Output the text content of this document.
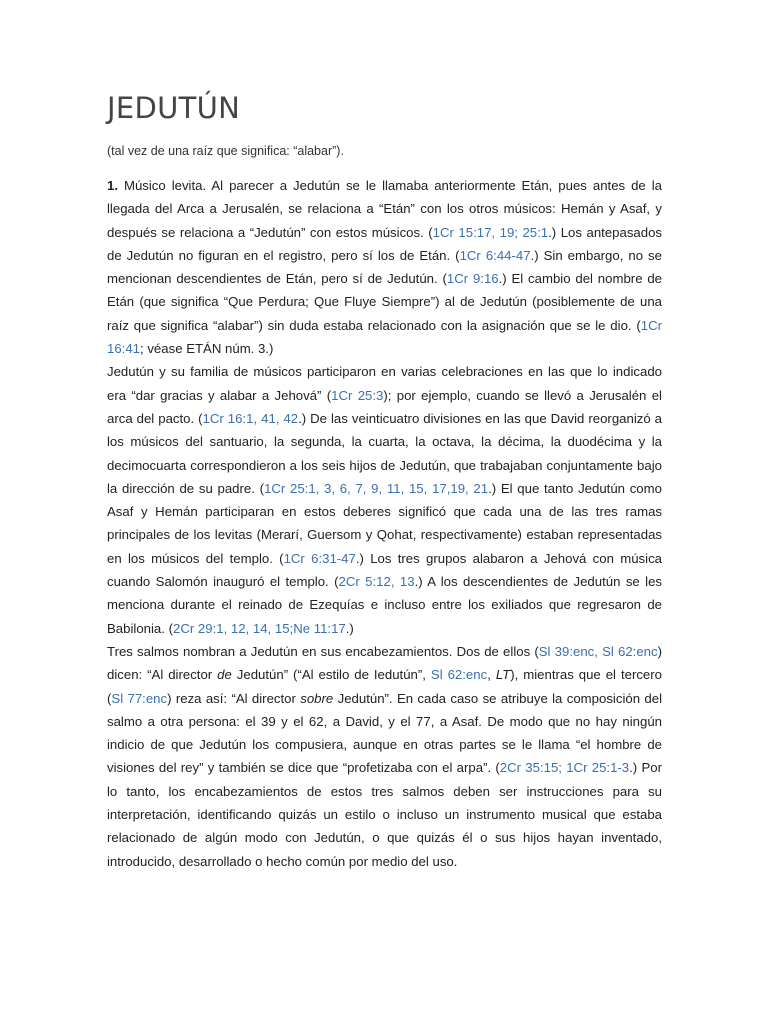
JEDUTÚN

(tal vez de una raíz que significa: “alabar”).

1. Músico levita. Al parecer a Jedutún se le llamaba anteriormente Etán, pues antes de la llegada del Arca a Jerusalén, se relaciona a “Etán” con los otros músicos: Hemán y Asaf, y después se relaciona a “Jedutún” con estos músicos. (1Cr 15:17, 19; 25:1.) Los antepasados de Jedutún no figuran en el registro, pero sí los de Etán. (1Cr 6:44-47.) Sin embargo, no se mencionan descendientes de Etán, pero sí de Jedutún. (1Cr 9:16.) El cambio del nombre de Etán (que significa “Que Perdura; Que Fluye Siempre”) al de Jedutún (posiblemente de una raíz que significa “alabar”) sin duda estaba relacionado con la asignación que se le dio. (1Cr 16:41; véase ETÁN núm. 3.)

Jedutún y su familia de músicos participaron en varias celebraciones en las que lo indicado era “dar gracias y alabar a Jehová” (1Cr 25:3); por ejemplo, cuando se llevó a Jerusalén el arca del pacto. (1Cr 16:1, 41, 42.) De las veinticuatro divisiones en las que David reorganizó a los músicos del santuario, la segunda, la cuarta, la octava, la décima, la duodécima y la decimocuarta correspondieron a los seis hijos de Jedutún, que trabajaban conjuntamente bajo la dirección de su padre. (1Cr 25:1, 3, 6, 7, 9, 11, 15, 17,19, 21.) El que tanto Jedutún como Asaf y Hemán participaran en estos deberes significó que cada una de las tres ramas principales de los levitas (Merarí, Guersom y Qohat, respectivamente) estaban representadas en los músicos del templo. (1Cr 6:31-47.) Los tres grupos alabaron a Jehová con música cuando Salomón inauguró el templo. (2Cr 5:12, 13.) A los descendientes de Jedutún se les menciona durante el reinado de Ezequías e incluso entre los exiliados que regresaron de Babilonia. (2Cr 29:1, 12, 14, 15;Ne 11:17.)

Tres salmos nombran a Jedutún en sus encabezamientos. Dos de ellos (Sl 39:enc, Sl 62:enc) dicen: “Al director de Jedutún” (“Al estilo de Iedutún”, Sl 62:enc, LT), mientras que el tercero (Sl 77:enc) reza así: “Al director sobre Jedutún”. En cada caso se atribuye la composición del salmo a otra persona: el 39 y el 62, a David, y el 77, a Asaf. De modo que no hay ningún indicio de que Jedutún los compusiera, aunque en otras partes se le llama “el hombre de visiones del rey” y también se dice que “profetizaba con el arpa”. (2Cr 35:15; 1Cr 25:1-3.) Por lo tanto, los encabezamientos de estos tres salmos deben ser instrucciones para su interpretación, identificando quizás un estilo o incluso un instrumento musical que estaba relacionado de algún modo con Jedutún, o que quizás él o sus hijos hayan inventado, introducido, desarrollado o hecho común por medio del uso.
